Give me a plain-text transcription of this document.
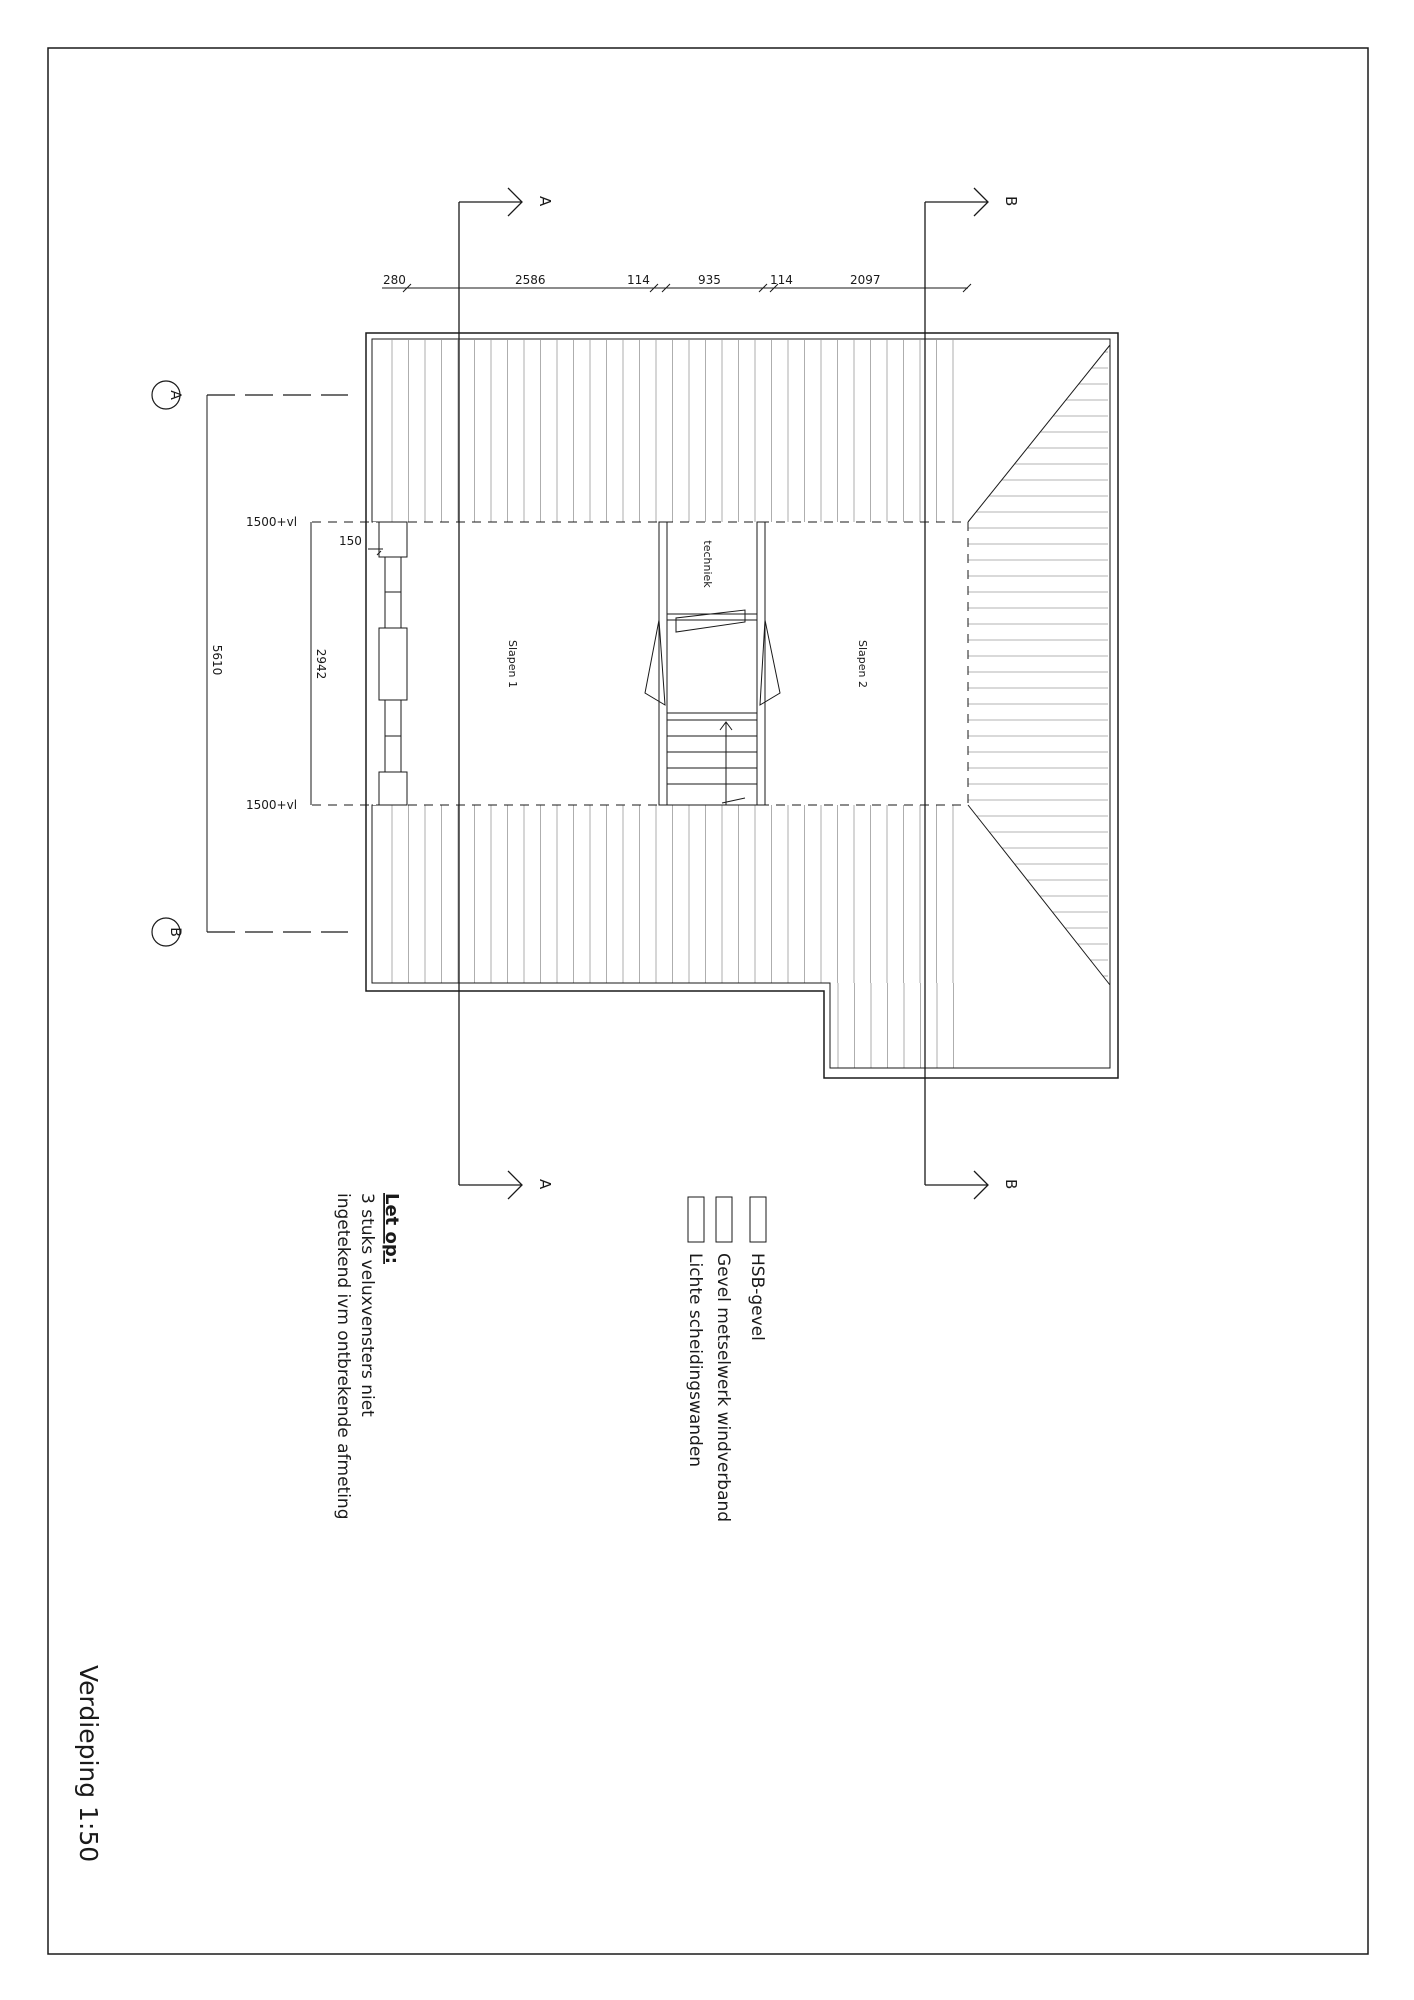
280	2586	114	935	114	2097
150
1500+vl
1500+vl
5610	2942
A
B
A
A
B
B
Slapen 1	Slapen 2
techniek
HSB-gevel
Gevel metselwerk windverband
Lichte scheidingswanden
Let op:
3 stuks veluxvensters niet
ingetekend ivm ontbrekende afmeting
Verdieping 1:50
